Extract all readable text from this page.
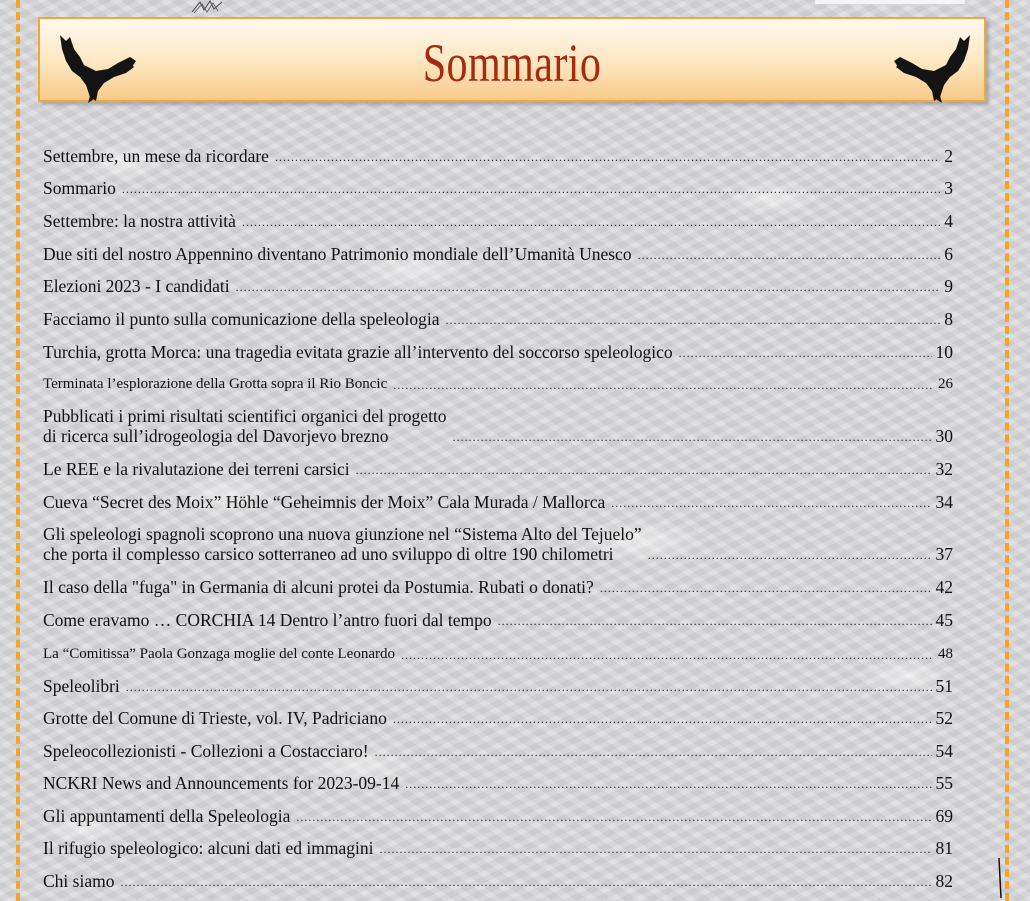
Sommario
Settembre, un mese da ricordare .....	2
Sommario .....	3
Settembre: la nostra attività .....	4
Due siti del nostro Appennino diventano Patrimonio mondiale dell’Umanità Unesco .....	6
Elezioni 2023 - I candidati .....	9
Facciamo il punto sulla comunicazione della speleologia .....	8
Turchia, grotta Morca: una tragedia evitata grazie all’intervento del soccorso speleologico .....	10
Terminata l’esplorazione della Grotta sopra il Rio Boncic .....	26
Pubblicati i primi risultati scientifici organici del progetto
di ricerca sull’idrogeologia del Davorjevo brezno .....	30
Le REE e la rivalutazione dei terreni carsici .....	32
Cueva “Secret des Moix” Höhle “Geheimnis der Moix” Cala Murada / Mallorca .....	34
Gli speleologi spagnoli scoprono una nuova giunzione nel “Sistema Alto del Tejuelo”
che porta il complesso carsico sotterraneo ad uno sviluppo di oltre 190 chilometri .....	37
Il caso della "fuga" in Germania di alcuni protei da Postumia. Rubati o donati? .....	42
Come eravamo … CORCHIA 14 Dentro l’antro fuori dal tempo .....	45
La “Comitissa” Paola Gonzaga moglie del conte Leonardo .....	48
Speleolibri .....	51
Grotte del Comune di Trieste, vol. IV, Padriciano .....	52
Speleocollezionisti - Collezioni a Costacciaro! .....	54
NCKRI News and Announcements for 2023-09-14 .....	55
Gli appuntamenti della Speleologia .....	69
Il rifugio speleologico: alcuni dati ed immagini .....	81
Chi siamo .....	82
